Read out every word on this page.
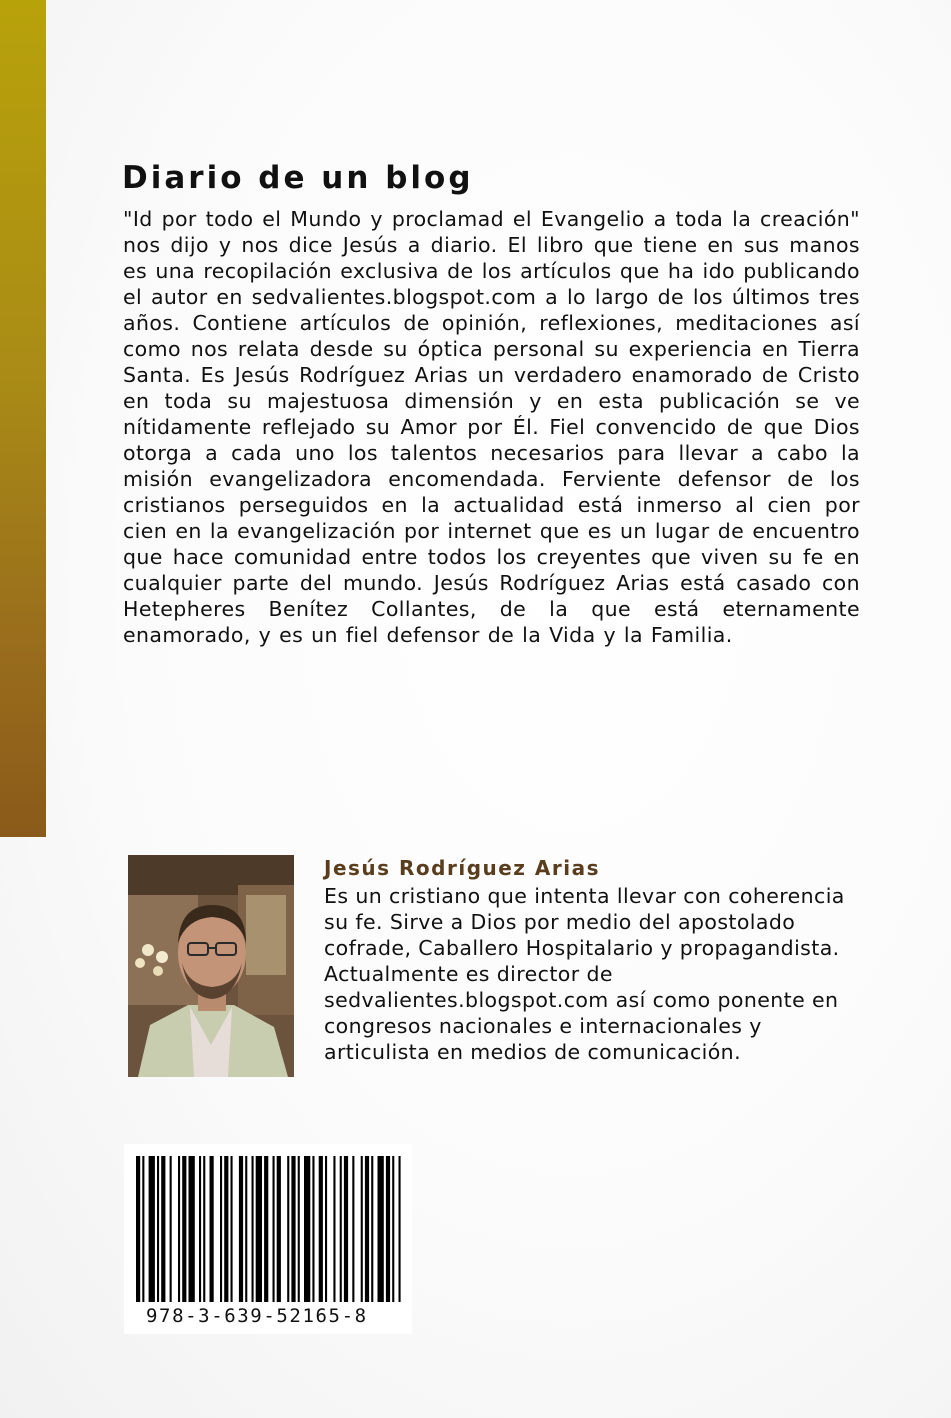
Diario de un blog

"Id por todo el Mundo y proclamad el Evangelio a toda la creación" nos dijo y nos dice Jesús a diario. El libro que tiene en sus manos es una recopilación exclusiva de los artículos que ha ido publicando el autor en sedvalientes.blogspot.com a lo largo de los últimos tres años. Contiene artículos de opinión, reflexiones, meditaciones así como nos relata desde su óptica personal su experiencia en Tierra Santa. Es Jesús Rodríguez Arias un verdadero enamorado de Cristo en toda su majestuosa dimensión y en esta publicación se ve nítidamente reflejado su Amor por Él. Fiel convencido de que Dios otorga a cada uno los talentos necesarios para llevar a cabo la misión evangelizadora encomendada. Ferviente defensor de los cristianos perseguidos en la actualidad está inmerso al cien por cien en la evangelización por internet que es un lugar de encuentro que hace comunidad entre todos los creyentes que viven su fe en cualquier parte del mundo. Jesús Rodríguez Arias está casado con Hetepheres Benítez Collantes, de la que está eternamente enamorado, y es un fiel defensor de la Vida y la Familia.

Jesús Rodríguez Arias

Es un cristiano que intenta llevar con coherencia su fe. Sirve a Dios por medio del apostolado cofrade, Caballero Hospitalario y propagandista. Actualmente es director de sedvalientes.blogspot.com así como ponente en congresos nacionales e internacionales y articulista en medios de comunicación.

978-3-639-52165-8
